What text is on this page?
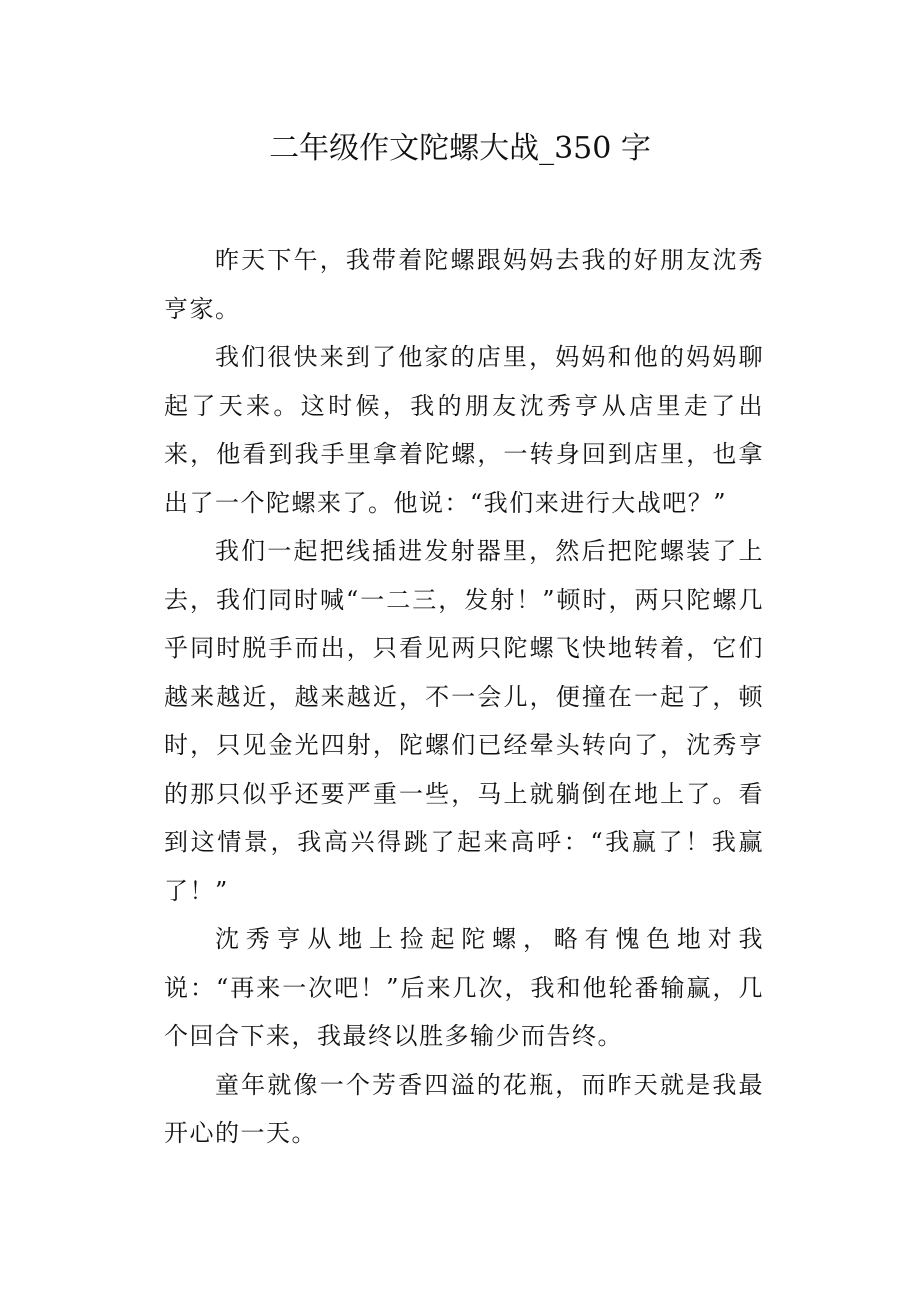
二年级作文陀螺大战_350 字

昨天下午，我带着陀螺跟妈妈去我的好朋友沈秀亨家。

我们很快来到了他家的店里，妈妈和他的妈妈聊起了天来。这时候，我的朋友沈秀亨从店里走了出来，他看到我手里拿着陀螺，一转身回到店里，也拿出了一个陀螺来了。他说：“我们来进行大战吧？”

我们一起把线插进发射器里，然后把陀螺装了上去，我们同时喊“一二三，发射！”顿时，两只陀螺几乎同时脱手而出，只看见两只陀螺飞快地转着，它们越来越近，越来越近，不一会儿，便撞在一起了，顿时，只见金光四射，陀螺们已经晕头转向了，沈秀亨的那只似乎还要严重一些，马上就躺倒在地上了。看到这情景，我高兴得跳了起来高呼：“我赢了！我赢了！”

沈秀亨从地上捡起陀螺，略有愧色地对我说：“再来一次吧！”后来几次，我和他轮番输赢，几个回合下来，我最终以胜多输少而告终。

童年就像一个芳香四溢的花瓶，而昨天就是我最开心的一天。
